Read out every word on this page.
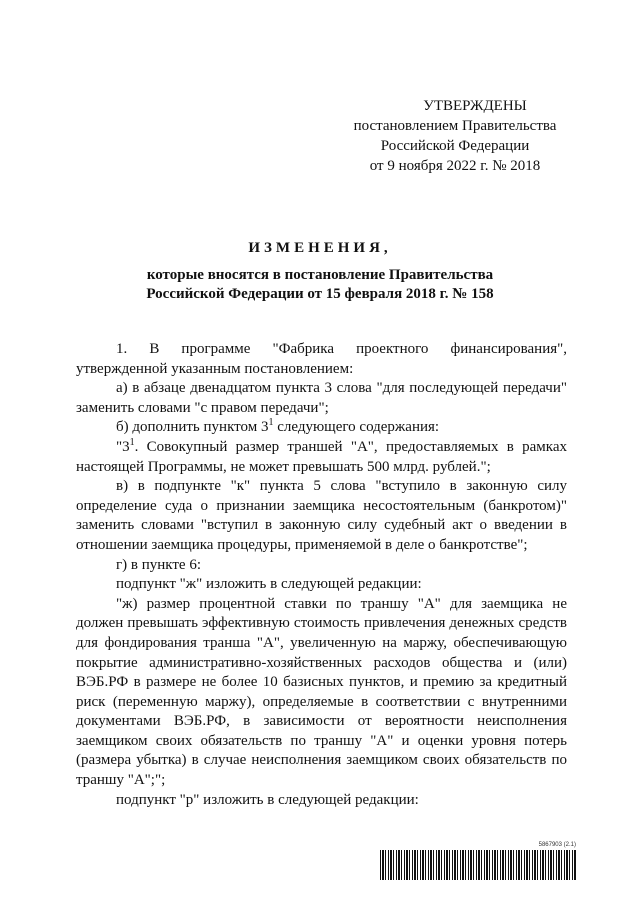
УТВЕРЖДЕНЫ
постановлением Правительства
Российской Федерации
от 9 ноября 2022 г. № 2018
ИЗМЕНЕНИЯ,
которые вносятся в постановление Правительства
Российской Федерации от 15 февраля 2018 г. № 158

1. В программе "Фабрика проектного финансирования", утвержденной указанным постановлением:

а) в абзаце двенадцатом пункта 3 слова "для последующей передачи" заменить словами "с правом передачи";

б) дополнить пунктом $3^1$ следующего содержания:

"$3^1$. Совокупный размер траншей "А", предоставляемых в рамках настоящей Программы, не может превышать 500 млрд. рублей.";

в) в подпункте "к" пункта 5 слова "вступило в законную силу определение суда о признании заемщика несостоятельным (банкротом)" заменить словами "вступил в законную силу судебный акт о введении в отношении заемщика процедуры, применяемой в деле о банкротстве";

г) в пункте 6:

подпункт "ж" изложить в следующей редакции:

"ж) размер процентной ставки по траншу "А" для заемщика не должен превышать эффективную стоимость привлечения денежных средств для фондирования транша "А", увеличенную на маржу, обеспечивающую покрытие административно-хозяйственных расходов общества и (или) ВЭБ.РФ в размере не более 10 базисных пунктов, и премию за кредитный риск (переменную маржу), определяемые в соответствии с внутренними документами ВЭБ.РФ, в зависимости от вероятности неисполнения заемщиком своих обязательств по траншу "А" и оценки уровня потерь (размера убытка) в случае неисполнения заемщиком своих обязательств по траншу "А";";

подпункт "р" изложить в следующей редакции:

5867903 (2.1)
